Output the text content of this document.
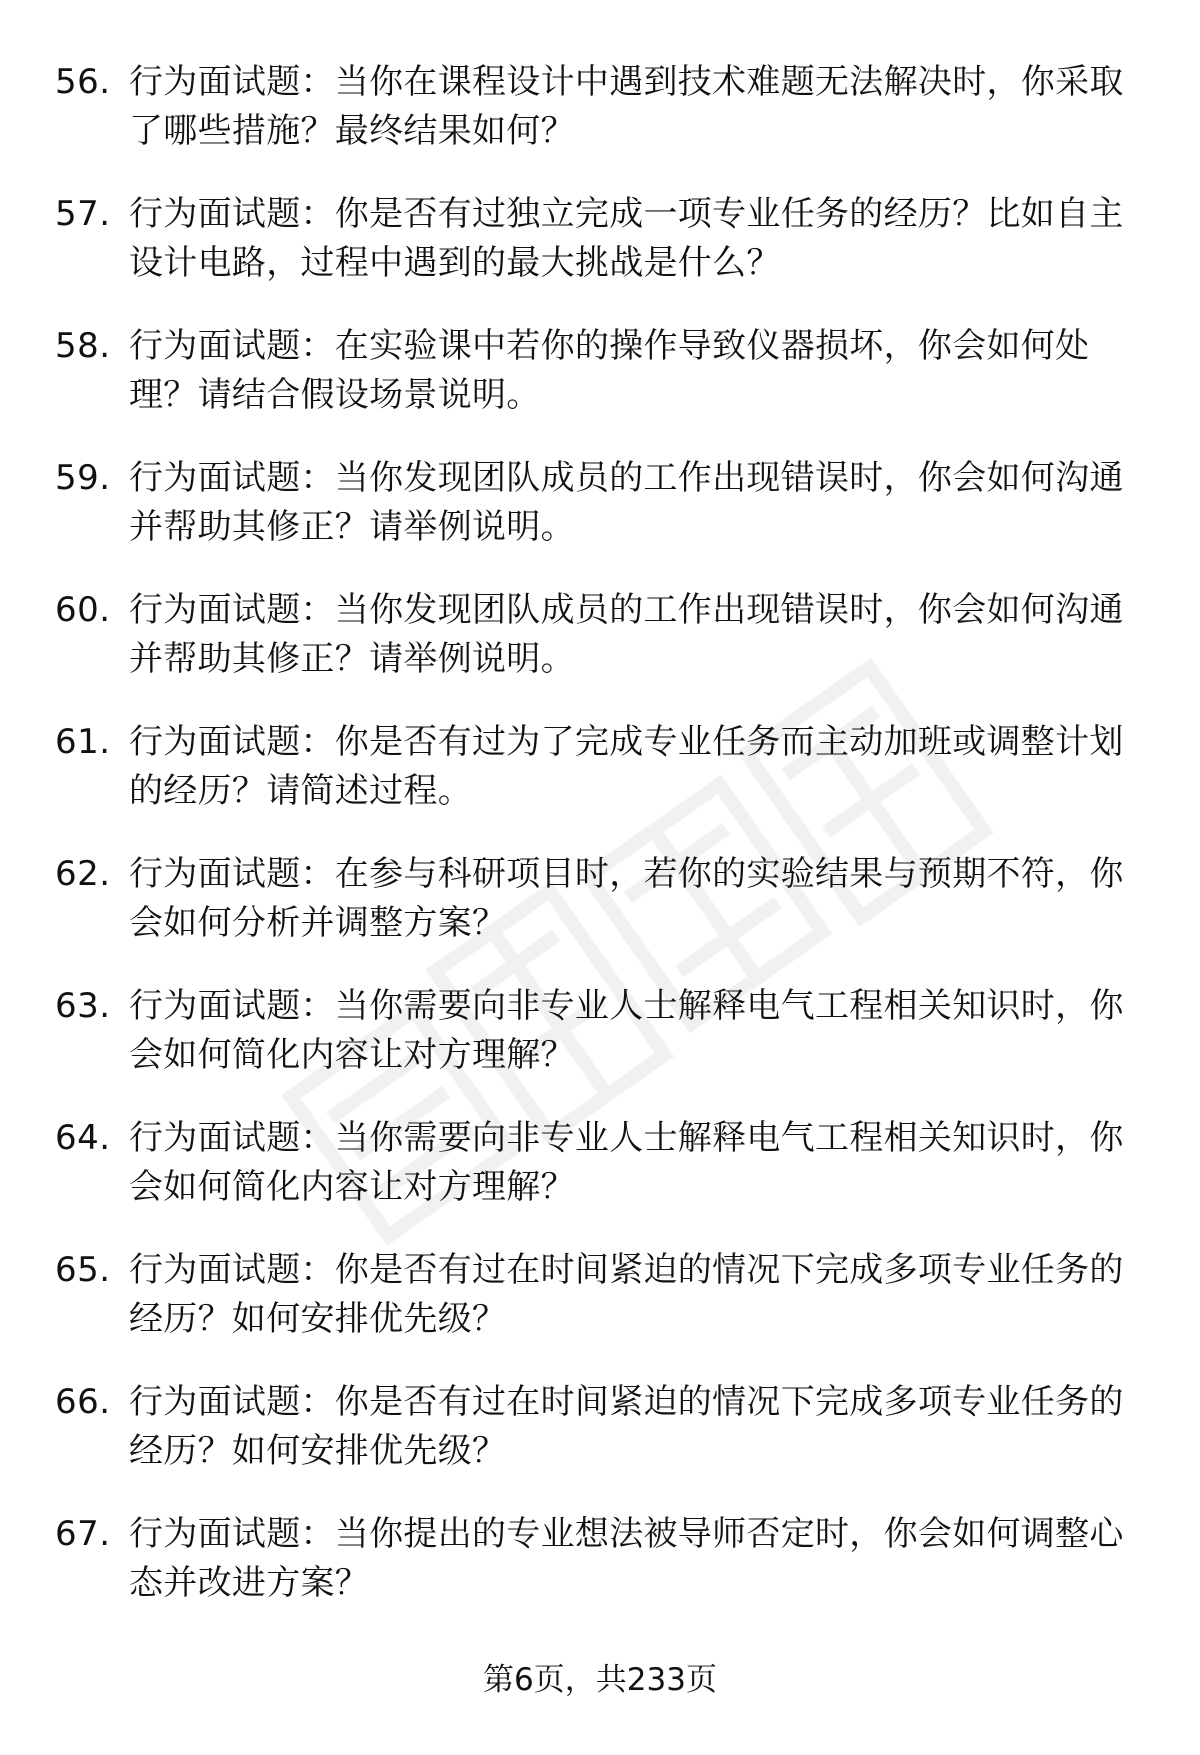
56. 行为面试题：当你在课程设计中遇到技术难题无法解决时，你采取了哪些措施？最终结果如何？
57. 行为面试题：你是否有过独立完成一项专业任务的经历？比如自主设计电路，过程中遇到的最大挑战是什么？
58. 行为面试题：在实验课中若你的操作导致仪器损坏，你会如何处理？请结合假设场景说明。
59. 行为面试题：当你发现团队成员的工作出现错误时，你会如何沟通并帮助其修正？请举例说明。
60. 行为面试题：当你发现团队成员的工作出现错误时，你会如何沟通并帮助其修正？请举例说明。
61. 行为面试题：你是否有过为了完成专业任务而主动加班或调整计划的经历？请简述过程。
62. 行为面试题：在参与科研项目时，若你的实验结果与预期不符，你会如何分析并调整方案？
63. 行为面试题：当你需要向非专业人士解释电气工程相关知识时，你会如何简化内容让对方理解？
64. 行为面试题：当你需要向非专业人士解释电气工程相关知识时，你会如何简化内容让对方理解？
65. 行为面试题：你是否有过在时间紧迫的情况下完成多项专业任务的经历？如何安排优先级？
66. 行为面试题：你是否有过在时间紧迫的情况下完成多项专业任务的经历？如何安排优先级？
67. 行为面试题：当你提出的专业想法被导师否定时，你会如何调整心态并改进方案？
第6页，共233页
